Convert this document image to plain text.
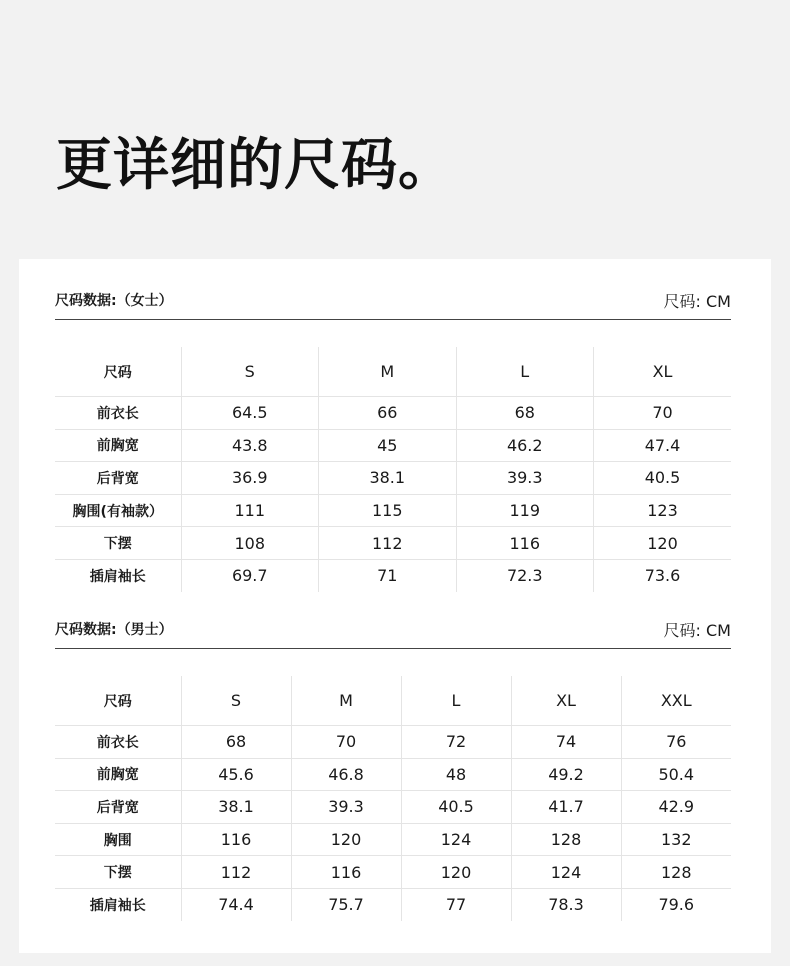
更详细的尺码。
尺码数据:（女士）	尺码: CM
尺码	S	M	L	XL
前衣长	64.5	66	68	70
前胸宽	43.8	45	46.2	47.4
后背宽	36.9	38.1	39.3	40.5
胸围(有袖款）	111	115	119	123
下摆	108	112	116	120
插肩袖长	69.7	71	72.3	73.6
尺码数据:（男士）	尺码: CM
尺码	S	M	L	XL	XXL
前衣长	68	70	72	74	76
前胸宽	45.6	46.8	48	49.2	50.4
后背宽	38.1	39.3	40.5	41.7	42.9
胸围	116	120	124	128	132
下摆	112	116	120	124	128
插肩袖长	74.4	75.7	77	78.3	79.6
